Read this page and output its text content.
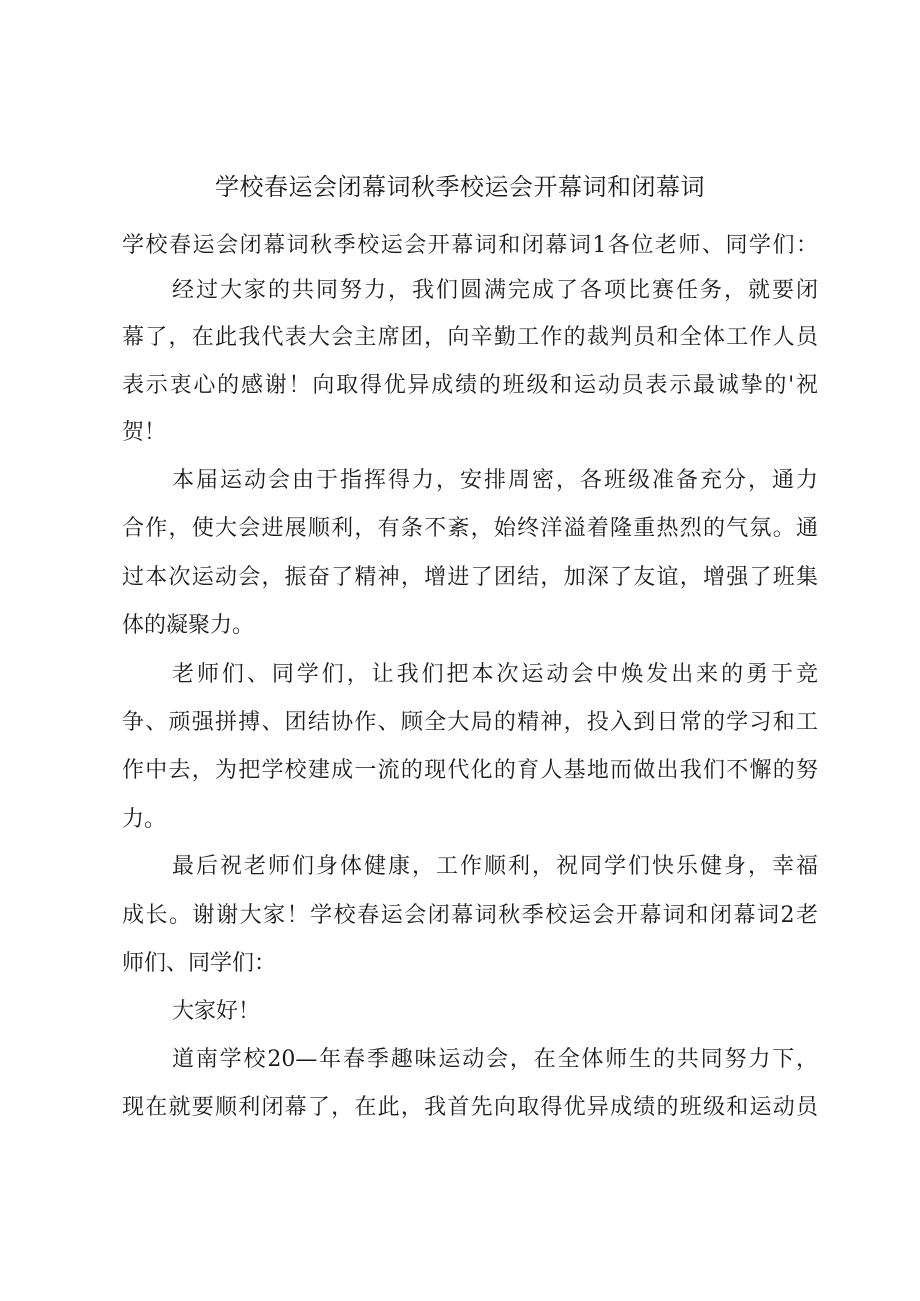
学校春运会闭幕词秋季校运会开幕词和闭幕词
学校春运会闭幕词秋季校运会开幕词和闭幕词1各位老师、同学们：
经过大家的共同努力，我们圆满完成了各项比赛任务，就要闭
幕了，在此我代表大会主席团，向辛勤工作的裁判员和全体工作人员
表示衷心的感谢！向取得优异成绩的班级和运动员表示最诚挚的'祝
贺！
本届运动会由于指挥得力，安排周密，各班级准备充分，通力
合作，使大会进展顺利，有条不紊，始终洋溢着隆重热烈的气氛。通
过本次运动会，振奋了精神，增进了团结，加深了友谊，增强了班集
体的凝聚力。
老师们、同学们，让我们把本次运动会中焕发出来的勇于竞
争、顽强拼搏、团结协作、顾全大局的精神，投入到日常的学习和工
作中去，为把学校建成一流的现代化的育人基地而做出我们不懈的努
力。
最后祝老师们身体健康，工作顺利，祝同学们快乐健身，幸福
成长。谢谢大家！学校春运会闭幕词秋季校运会开幕词和闭幕词2老
师们、同学们：
大家好！
道南学校20—年春季趣味运动会，在全体师生的共同努力下，
现在就要顺利闭幕了，在此，我首先向取得优异成绩的班级和运动员
